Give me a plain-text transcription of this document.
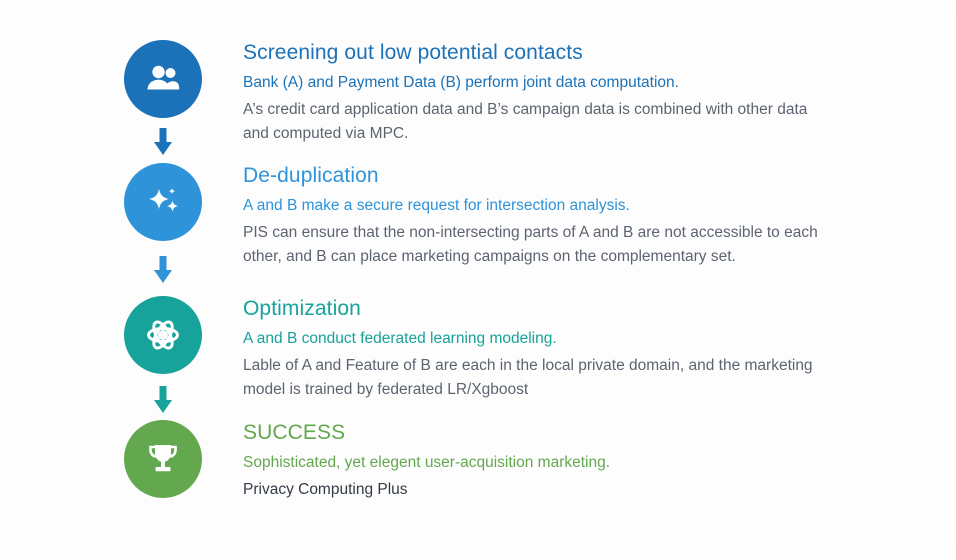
Screening out low potential contacts

Bank (A) and Payment Data (B) perform joint data computation.

A’s credit card application data and B’s campaign data is combined with other data and computed via MPC.

De-duplication

A and B make a secure request for intersection analysis.

PIS can ensure that the non-intersecting parts of A and B are not accessible to each other, and B can place marketing campaigns on the complementary set.

Optimization

A and B conduct federated learning modeling.

Lable of A and Feature of B are each in the local private domain, and the marketing model is trained by federated LR/Xgboost

SUCCESS

Sophisticated, yet elegent user-acquisition marketing.

Privacy Computing Plus
